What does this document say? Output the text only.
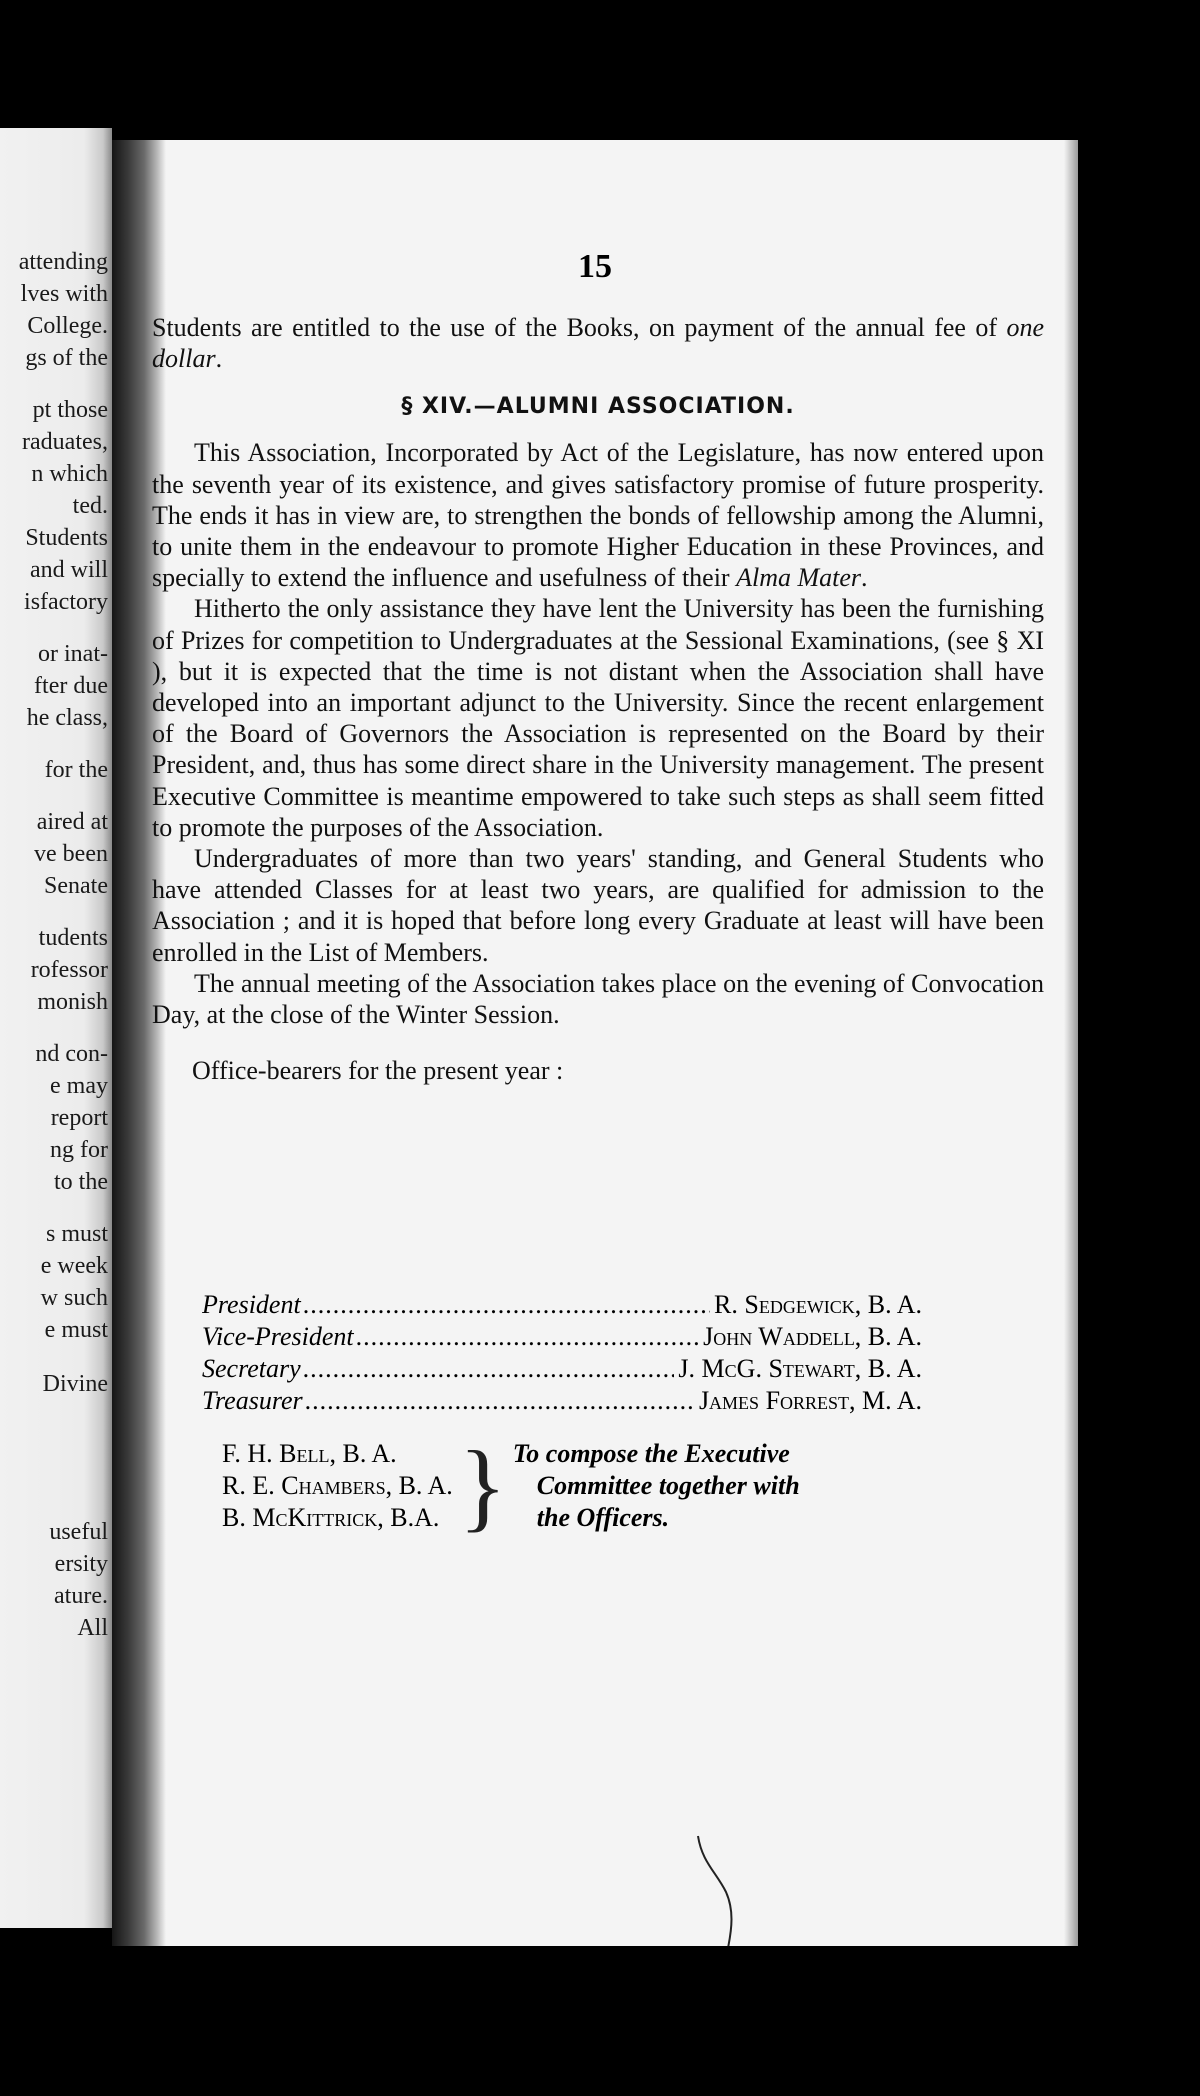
attending
lves with
College.
gs of the
pt those
raduates,
n which
ted.
Students
and will
isfactory
or inat-
fter due
he class,
for the
aired at
ve been
Senate
tudents
rofessor
monish
nd con-
e may
report
ng for
to the
s must
e week
w such
e must
Divine
useful
ersity
ature.
All
15

Students are entitled to the use of the Books, on payment of the annual fee of one dollar.

§ XIV.—ALUMNI ASSOCIATION.

This Association, Incorporated by Act of the Legislature, has now entered upon the seventh year of its existence, and gives satisfactory promise of future prosperity. The ends it has in view are, to strengthen the bonds of fellowship among the Alumni, to unite them in the endeavour to promote Higher Education in these Provinces, and specially to extend the influence and usefulness of their Alma Mater.

Hitherto the only assistance they have lent the University has been the furnishing of Prizes for competition to Undergraduates at the Sessional Examinations, (see § XI ), but it is expected that the time is not distant when the Association shall have developed into an important adjunct to the University. Since the recent enlargement of the Board of Governors the Association is represented on the Board by their President, and, thus has some direct share in the University management. The present Executive Committee is meantime empowered to take such steps as shall seem fitted to promote the purposes of the Association.

Undergraduates of more than two years' standing, and General Students who have attended Classes for at least two years, are qualified for admission to the Association ; and it is hoped that before long every Graduate at least will have been enrolled in the List of Members.

The annual meeting of the Association takes place on the evening of Convocation Day, at the close of the Winter Session.

Office-bearers for the present year :

President .....	R. Sedgewick, B. A.
Vice-President .....	John Waddell, B. A.
Secretary .....	J. McG. Stewart, B. A.
Treasurer .....	James Forrest, M. A.
F. H. Bell, B. A.
R. E. Chambers, B. A.
B. McKittrick, B.A. } To compose the Executive
Committee together with
the Officers.
